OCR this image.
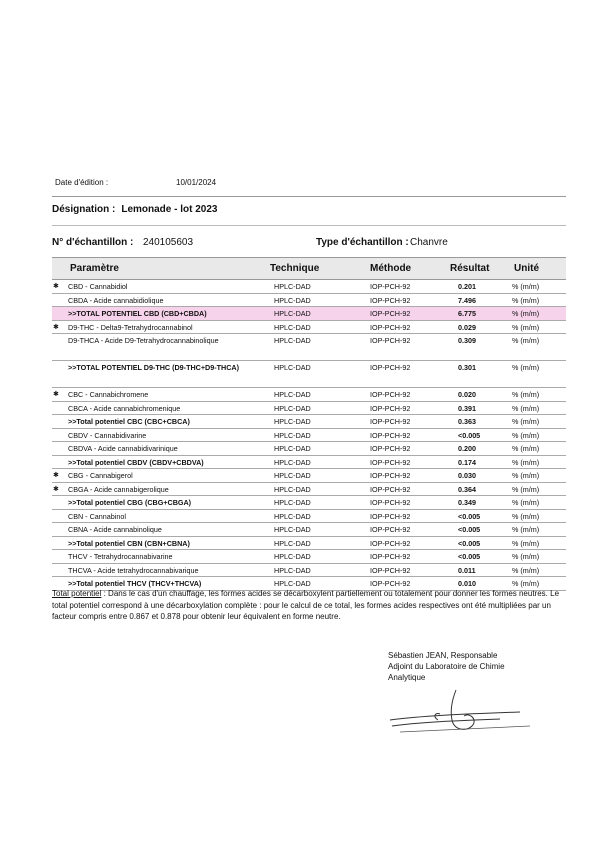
Date d'édition :	10/01/2024
Désignation : Lemonade - lot 2023
N° d'échantillon : 240105603	Type d'échantillon : Chanvre
Paramètre	Technique	Méthode	Résultat Unité
✱ CBD - Cannabidiol	HPLC-DAD	IOP-PCH-92	0.201	% (m/m)
CBDA - Acide cannabidiolique	HPLC-DAD	IOP-PCH-92	7.496	% (m/m)
>>TOTAL POTENTIEL CBD (CBD+CBDA)	HPLC-DAD	IOP-PCH-92	6.775	% (m/m)
✱ D9-THC - Delta9-Tetrahydrocannabinol	HPLC-DAD	IOP-PCH-92	0.029	% (m/m)
D9-THCA - Acide D9-Tetrahydrocannabinolique	HPLC-DAD	IOP-PCH-92	0.309	% (m/m)
>>TOTAL POTENTIEL D9-THC (D9-THC+D9-THCA)	HPLC-DAD	IOP-PCH-92	0.301	% (m/m)
✱ CBC - Cannabichromene	HPLC-DAD	IOP-PCH-92	0.020	% (m/m)
CBCA - Acide cannabichromenique	HPLC-DAD	IOP-PCH-92	0.391	% (m/m)
>>Total potentiel CBC (CBC+CBCA)	HPLC-DAD	IOP-PCH-92	0.363	% (m/m)
CBDV - Cannabidivarine	HPLC-DAD	IOP-PCH-92	<0.005	% (m/m)
CBDVA - Acide cannabidivarinique	HPLC-DAD	IOP-PCH-92	0.200	% (m/m)
>>Total potentiel CBDV (CBDV+CBDVA)	HPLC-DAD	IOP-PCH-92	0.174	% (m/m)
✱ CBG - Cannabigerol	HPLC-DAD	IOP-PCH-92	0.030	% (m/m)
✱ CBGA - Acide cannabigerolique	HPLC-DAD	IOP-PCH-92	0.364	% (m/m)
>>Total potentiel CBG (CBG+CBGA)	HPLC-DAD	IOP-PCH-92	0.349	% (m/m)
CBN - Cannabinol	HPLC-DAD	IOP-PCH-92	<0.005	% (m/m)
CBNA - Acide cannabinolique	HPLC-DAD	IOP-PCH-92	<0.005	% (m/m)
>>Total potentiel CBN (CBN+CBNA)	HPLC-DAD	IOP-PCH-92	<0.005	% (m/m)
THCV - Tetrahydrocannabivarine	HPLC-DAD	IOP-PCH-92	<0.005	% (m/m)
THCVA - Acide tetrahydrocannabivarique	HPLC-DAD	IOP-PCH-92	0.011	% (m/m)
>>Total potentiel THCV (THCV+THCVA)	HPLC-DAD	IOP-PCH-92	0.010	% (m/m)
Total potentiel : Dans le cas d'un chauffage, les formes acides se décarboxylent partiellement ou totalement pour donner les formes neutres. Le total potentiel correspond à une décarboxylation complète : pour le calcul de ce total, les formes acides respectives ont été multipliées par un facteur compris entre 0.867 et 0.878 pour obtenir leur équivalent en forme neutre.
Sébastien JEAN, Responsable
Adjoint du Laboratoire de Chimie
Analytique
